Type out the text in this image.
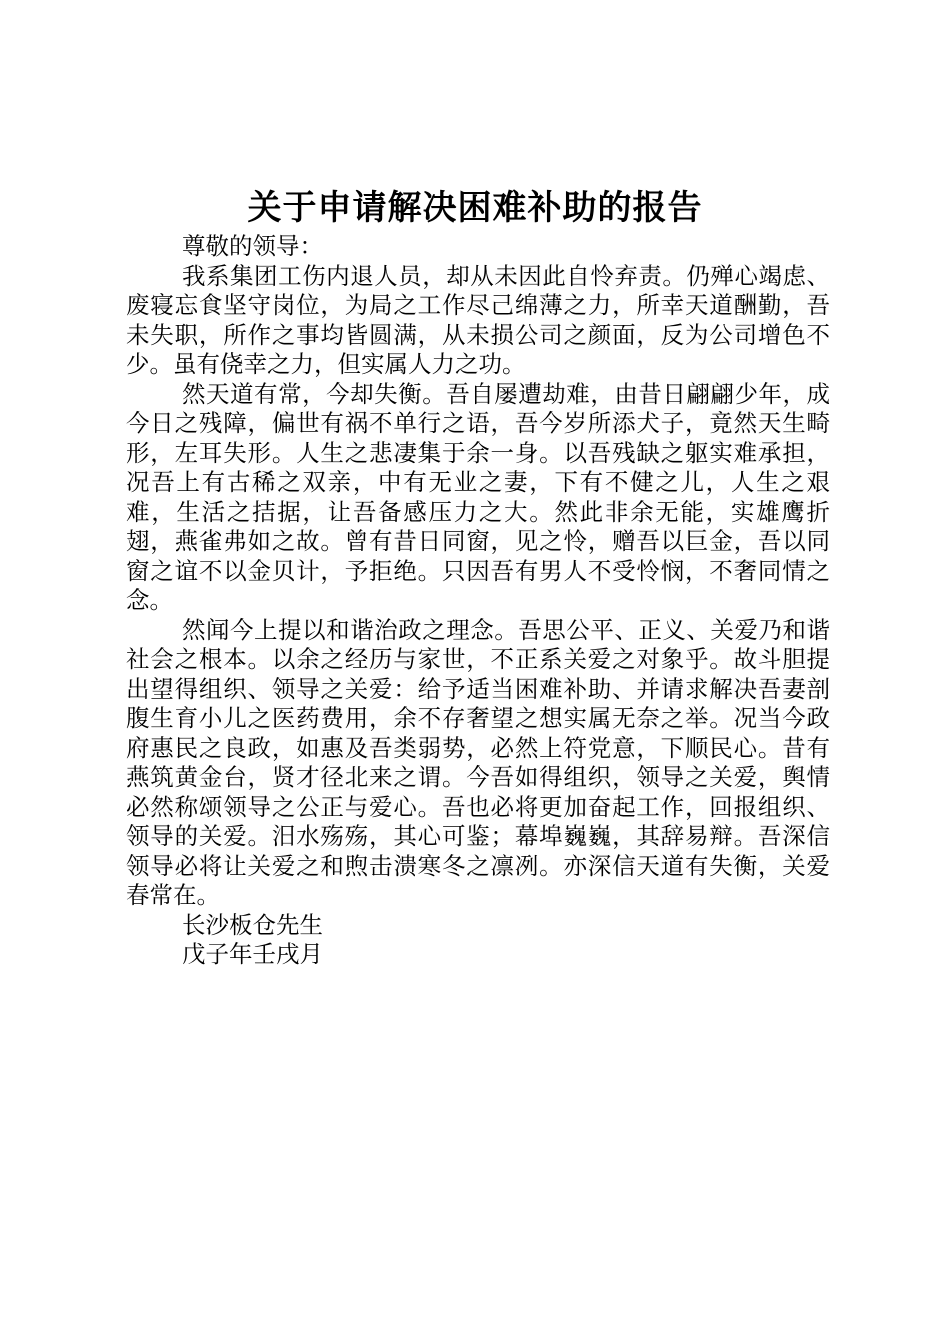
关于申请解决困难补助的报告

尊敬的领导：

我系集团工伤内退人员，却从未因此自怜弃责。仍殚心竭虑、废寝忘食坚守岗位，为局之工作尽己绵薄之力，所幸天道酬勤，吾未失职，所作之事均皆圆满，从未损公司之颜面，反为公司增色不少。虽有侥幸之力，但实属人力之功。

然天道有常，今却失衡。吾自屡遭劫难，由昔日翩翩少年，成今日之残障，偏世有祸不单行之语，吾今岁所添犬子，竟然天生畸形，左耳失形。人生之悲凄集于余一身。以吾残缺之躯实难承担，况吾上有古稀之双亲，中有无业之妻，下有不健之儿，人生之艰难，生活之拮据，让吾备感压力之大。然此非余无能，实雄鹰折翅，燕雀弗如之故。曾有昔日同窗，见之怜，赠吾以巨金，吾以同窗之谊不以金贝计，予拒绝。只因吾有男人不受怜悯，不奢同情之念。

然闻今上提以和谐治政之理念。吾思公平、正义、关爱乃和谐社会之根本。以余之经历与家世，不正系关爱之对象乎。故斗胆提出望得组织、领导之关爱：给予适当困难补助、并请求解决吾妻剖腹生育小儿之医药费用，余不存奢望之想实属无奈之举。况当今政府惠民之良政，如惠及吾类弱势，必然上符党意，下顺民心。昔有燕筑黄金台，贤才径北来之谓。今吾如得组织，领导之关爱，舆情必然称颂领导之公正与爱心。吾也必将更加奋起工作，回报组织、领导的关爱。汨水殇殇，其心可鉴；幕埠巍巍，其辞易辩。吾深信领导必将让关爱之和煦击溃寒冬之凛冽。亦深信天道有失衡，关爱春常在。

长沙板仓先生

戊子年壬戌月
